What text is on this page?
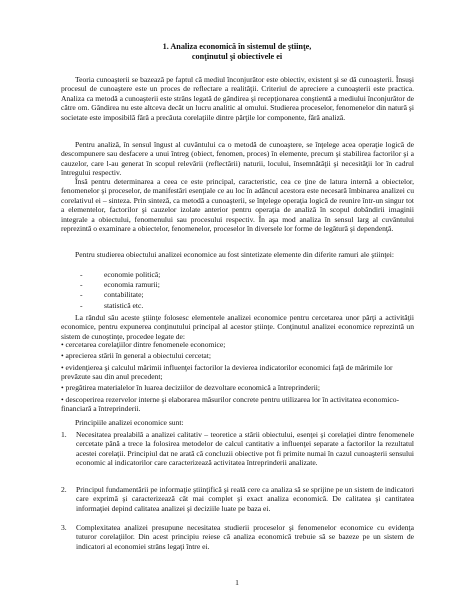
1. Analiza economică în sistemul de ştiinţe,
conţinutul şi obiectivele ei

Teoria cunoaşterii se bazează pe faptul că mediul înconjurător este obiectiv, existent şi se dă cunoaşterii. Însuşi procesul de cunoaştere este un proces de reflectare a realităţii. Criteriul de apreciere a cunoaşterii este practica. Analiza ca metodă a cunoaşterii este strâns legată de gândirea şi recepţionarea conştientă a mediului înconjurător de către om. Gândirea nu este altceva decât un lucru analitic al omului. Studierea proceselor, fenomenelor din natură şi societate este imposibilă fără a precăuta corelaţiile dintre părţile lor componente, fără analiză.

Pentru analiză, în sensul îngust al cuvântului ca o metodă de cunoaştere, se înţelege acea operaţie logică de descompunere sau desfacere a unui întreg (obiect, fenomen, proces) în elemente, precum şi stabilirea factorilor şi a cauzelor, care l-au generat în scopul relevării (reflectării) naturii, locului, însemnătăţii şi necesităţii lor în cadrul întregului respectiv.

Însă pentru determinarea a ceea ce este principal, caracteristic, cea ce ţine de latura internă a obiectelor, fenomenelor şi proceselor, de manifestări esenţiale ce au loc în adâncul acestora este necesară îmbinarea analizei cu corelativul ei – sinteza. Prin sinteză, ca metodă a cunoaşterii, se înţelege operaţia logică de reunire într-un singur tot a elementelor, factorilor şi cauzelor izolate anterior pentru operaţia de analiză în scopul dobândirii imaginii integrale a obiectului, fenomenului sau procesului respectiv. În aşa mod analiza în sensul larg al cuvântului reprezintă o examinare a obiectelor, fenomenelor, proceselor în diversele lor forme de legătură şi dependenţă.

Pentru studierea obiectului analizei economice au fost sintetizate elemente din diferite ramuri ale ştiinţei:

-	economie politică;

-	economia ramurii;

-	contabilitate;

-	statistică etc.

La rândul său aceste ştiinţe folosesc elementele analizei economice pentru cercetarea unor părţi a activităţii economice, pentru expunerea conţinutului principal al acestor ştiinţe. Conţinutul analizei economice reprezintă un sistem de cunoştinţe, procedee legate de:

• cercetarea corelaţiilor dintre fenomenele economice;

• aprecierea stării în general a obiectului cercetat;

• evidenţierea şi calculul mărimii influenţei factorilor la devierea indicatorilor economici faţă de mărimile lor prevăzute sau din anul precedent;

• pregătirea materialelor în luarea deciziilor de dezvoltare economică a întreprinderii;

• descoperirea rezervelor interne şi elaborarea măsurilor concrete pentru utilizarea lor în activitatea economico-financiară a întreprinderii.

Principiile analizei economice sunt:

1. Necesitatea prealabilă a analizei calitativ – teoretice a stării obiectului, esenţei şi corelaţiei dintre fenomenele cercetate până a trece la folosirea metodelor de calcul cantitativ a influenţei separate a factorilor la rezultatul acestei corelaţii. Principiul dat ne arată că concluzii obiective pot fi primite numai în cazul cunoaşterii sensului economic al indicatorilor care caracterizează activitatea întreprinderii analizate.

2. Principul fundamentării pe informaţie ştiinţifică şi reală cere ca analiza să se sprijine pe un sistem de indicatori care exprimă şi caracterizează cât mai complet şi exact analiza economică. De calitatea şi cantitatea informaţiei depind calitatea analizei şi deciziile luate pe baza ei.

3. Complexitatea analizei presupune necesitatea studierii proceselor şi fenomenelor economice cu evidenţa tuturor corelaţiilor. Din acest principiu reiese că analiza economică trebuie să se bazeze pe un sistem de indicatori al economiei strâns legaţi între ei.

1
